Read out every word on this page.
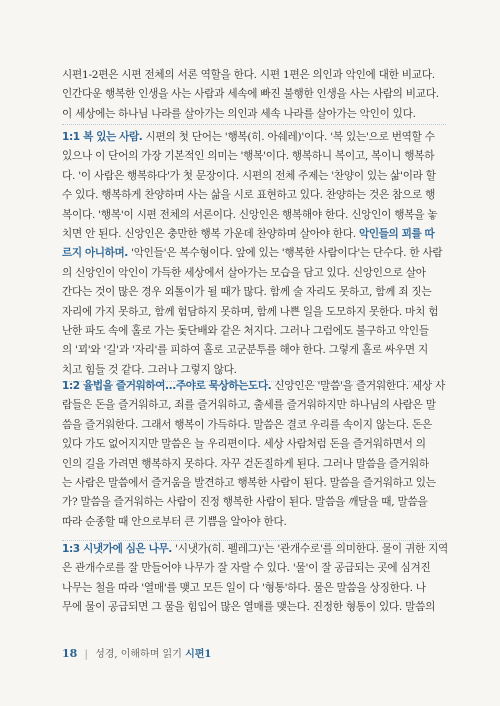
시편1-2편은 시편 전체의 서론 역할을 한다. 시편 1편은 의인과 악인에 대한 비교다.

인간다운 행복한 인생을 사는 사람과 세속에 빠진 불행한 인생을 사는 사람의 비교다.

이 세상에는 하나님 나라를 살아가는 의인과 세속 나라를 살아가는 악인이 있다.

1:1 복 있는 사람. 시편의 첫 단어는 '행복(히. 아쉐레)'이다. '복 있는'으로 번역할 수

있으나 이 단어의 가장 기본적인 의미는 '행복'이다. 행복하니 복이고, 복이니 행복하

다. '이 사람은 행복하다'가 첫 문장이다. 시편의 전체 주제는 '찬양이 있는 삶'이라 할

수 있다. 행복하게 찬양하며 사는 삶을 시로 표현하고 있다. 찬양하는 것은 참으로 행

복이다. '행복'이 시편 전체의 서론이다. 신앙인은 행복해야 한다. 신앙인이 행복을 놓

치면 안 된다. 신앙인은 충만한 행복 가운데 찬양하며 살아야 한다. 악인들의 꾀를 따

르지 아니하며. '악인들'은 복수형이다. 앞에 있는 '행복한 사람이다'는 단수다. 한 사람

의 신앙인이 악인이 가득한 세상에서 살아가는 모습을 담고 있다. 신앙인으로 살아

간다는 것이 많은 경우 외톨이가 될 때가 많다. 함께 술 자리도 못하고, 함께 죄 짓는

자리에 가지 못하고, 함께 험담하지 못하며, 함께 나쁜 일을 도모하지 못한다. 마치 험

난한 파도 속에 홀로 가는 돛단배와 같은 처지다. 그러나 그럼에도 불구하고 악인들

의 '꾀'와 '길'과 '자리'를 피하여 홀로 고군분투를 해야 한다. 그렇게 홀로 싸우면 지

치고 힘들 것 같다. 그러나 그렇지 않다.

1:2 율법을 즐거워하여...주야로 묵상하는도다. 신앙인은 '말씀'을 즐거워한다. 세상 사

람들은 돈을 즐거워하고, 죄를 즐거워하고, 출세를 즐거워하지만 하나님의 사람은 말

씀을 즐거워한다. 그래서 행복이 가득하다. 말씀은 결코 우리를 속이지 않는다. 돈은

있다 가도 없어지지만 말씀은 늘 우리편이다. 세상 사람처럼 돈을 즐거워하면서 의

인의 길을 가려면 행복하지 못하다. 자꾸 걷돈질하게 된다. 그러나 말씀을 즐거워하

는 사람은 말씀에서 즐거움을 발견하고 행복한 사람이 된다. 말씀을 즐거워하고 있는

가? 말씀을 즐거워하는 사람이 진정 행복한 사람이 된다. 말씀을 깨달을 때, 말씀을

따라 순종할 때 안으로부터 큰 기쁨을 알아야 한다.

1:3 시냇가에 심은 나무. '시냇가(히. 펠레그)'는 '관개수로'를 의미한다. 물이 귀한 지역

은 관개수로를 잘 만들어야 나무가 잘 자랄 수 있다. '물'이 잘 공급되는 곳에 심겨진

나무는 철을 따라 '열매'를 맺고 모든 일이 다 '형통'하다. 물은 말씀을 상징한다. 나

무에 물이 공급되면 그 물을 힘입어 많은 열매를 맺는다. 진정한 형통이 있다. 말씀의

18 | 성경, 이해하며 읽기 시편1
